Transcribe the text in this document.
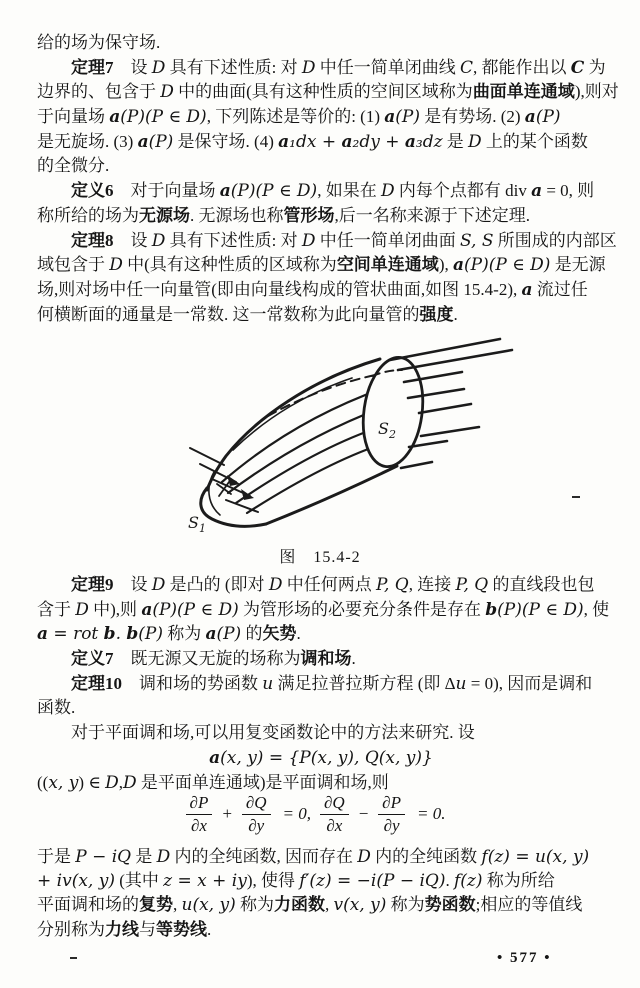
给的场为保守场.
定理7　设 D 具有下述性质: 对 D 中任一简单闭曲线 C, 都能作出以 C 为
边界的、包含于 D 中的曲面(具有这种性质的空间区域称为曲面单连通域),则对
于向量场 a(P)(P ∈ D), 下列陈述是等价的: (1) a(P) 是有势场. (2) a(P)
是无旋场. (3) a(P) 是保守场. (4) a₁dx + a₂dy + a₃dz 是 D 上的某个函数
的全微分.
定义6　对于向量场 a(P)(P ∈ D), 如果在 D 内每个点都有 div a = 0, 则
称所给的场为无源场. 无源场也称管形场,后一名称来源于下述定理.
定理8　设 D 具有下述性质: 对 D 中任一简单闭曲面 S, S 所围成的内部区
域包含于 D 中(具有这种性质的区域称为空间单连通域), a(P)(P ∈ D) 是无源
场,则对场中任一向量管(即由向量线构成的管状曲面,如图 15.4-2), a 流过任
何横断面的通量是一常数. 这一常数称为此向量管的强度.
$S_1$
$S_2$
图　15.4-2
定理9　设 D 是凸的 (即对 D 中任何两点 P, Q, 连接 P, Q 的直线段也包
含于 D 中),则 a(P)(P ∈ D) 为管形场的必要充分条件是存在 b(P)(P ∈ D), 使
a = rot b. b(P) 称为 a(P) 的矢势.
定义7　既无源又无旋的场称为调和场.
定理10　调和场的势函数 u 满足拉普拉斯方程 (即 Δu = 0), 因而是调和
函数.
对于平面调和场,可以用复变函数论中的方法来研究. 设
a(x, y) = {P(x, y), Q(x, y)}
((x, y) ∈ D,D 是平面单连通域)是平面调和场,则
$\frac{\partial P}{\partial x} + \frac{\partial Q}{\partial y} = 0$, $\frac{\partial Q}{\partial x} - \frac{\partial P}{\partial y} = 0$.
于是 P − iQ 是 D 内的全纯函数, 因而存在 D 内的全纯函数 f(z) = u(x, y)
+ iv(x, y) (其中 z = x + iy), 使得 f′(z) = −i(P − iQ). f(z) 称为所给
平面调和场的复势, u(x, y) 称为力函数, v(x, y) 称为势函数;相应的等值线
分别称为力线与等势线.
• 577 •
